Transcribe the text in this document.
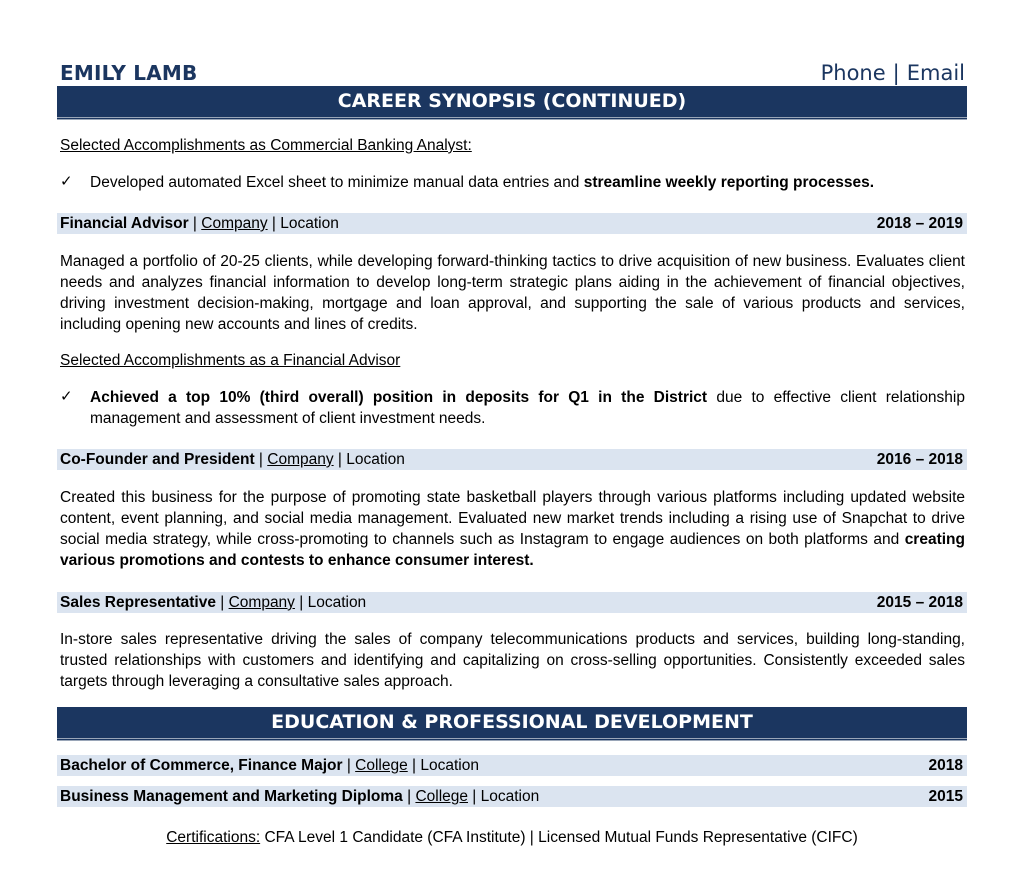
EMILY LAMB	Phone | Email
CAREER SYNOPSIS (CONTINUED)
Selected Accomplishments as Commercial Banking Analyst:
✓ Developed automated Excel sheet to minimize manual data entries and streamline weekly reporting processes.
Financial Advisor | Company | Location	2018 – 2019
Managed a portfolio of 20-25 clients, while developing forward-thinking tactics to drive acquisition of new business. Evaluates client needs and analyzes financial information to develop long-term strategic plans aiding in the achievement of financial objectives, driving investment decision-making, mortgage and loan approval, and supporting the sale of various products and services, including opening new accounts and lines of credits.
Selected Accomplishments as a Financial Advisor
✓ Achieved a top 10% (third overall) position in deposits for Q1 in the District due to effective client relationship management and assessment of client investment needs.
Co-Founder and President | Company | Location	2016 – 2018
Created this business for the purpose of promoting state basketball players through various platforms including updated website content, event planning, and social media management. Evaluated new market trends including a rising use of Snapchat to drive social media strategy, while cross-promoting to channels such as Instagram to engage audiences on both platforms and creating various promotions and contests to enhance consumer interest.
Sales Representative | Company | Location	2015 – 2018
In-store sales representative driving the sales of company telecommunications products and services, building long-standing, trusted relationships with customers and identifying and capitalizing on cross-selling opportunities. Consistently exceeded sales targets through leveraging a consultative sales approach.
EDUCATION & PROFESSIONAL DEVELOPMENT
Bachelor of Commerce, Finance Major | College | Location	2018
Business Management and Marketing Diploma | College | Location	2015
Certifications: CFA Level 1 Candidate (CFA Institute) | Licensed Mutual Funds Representative (CIFC)
